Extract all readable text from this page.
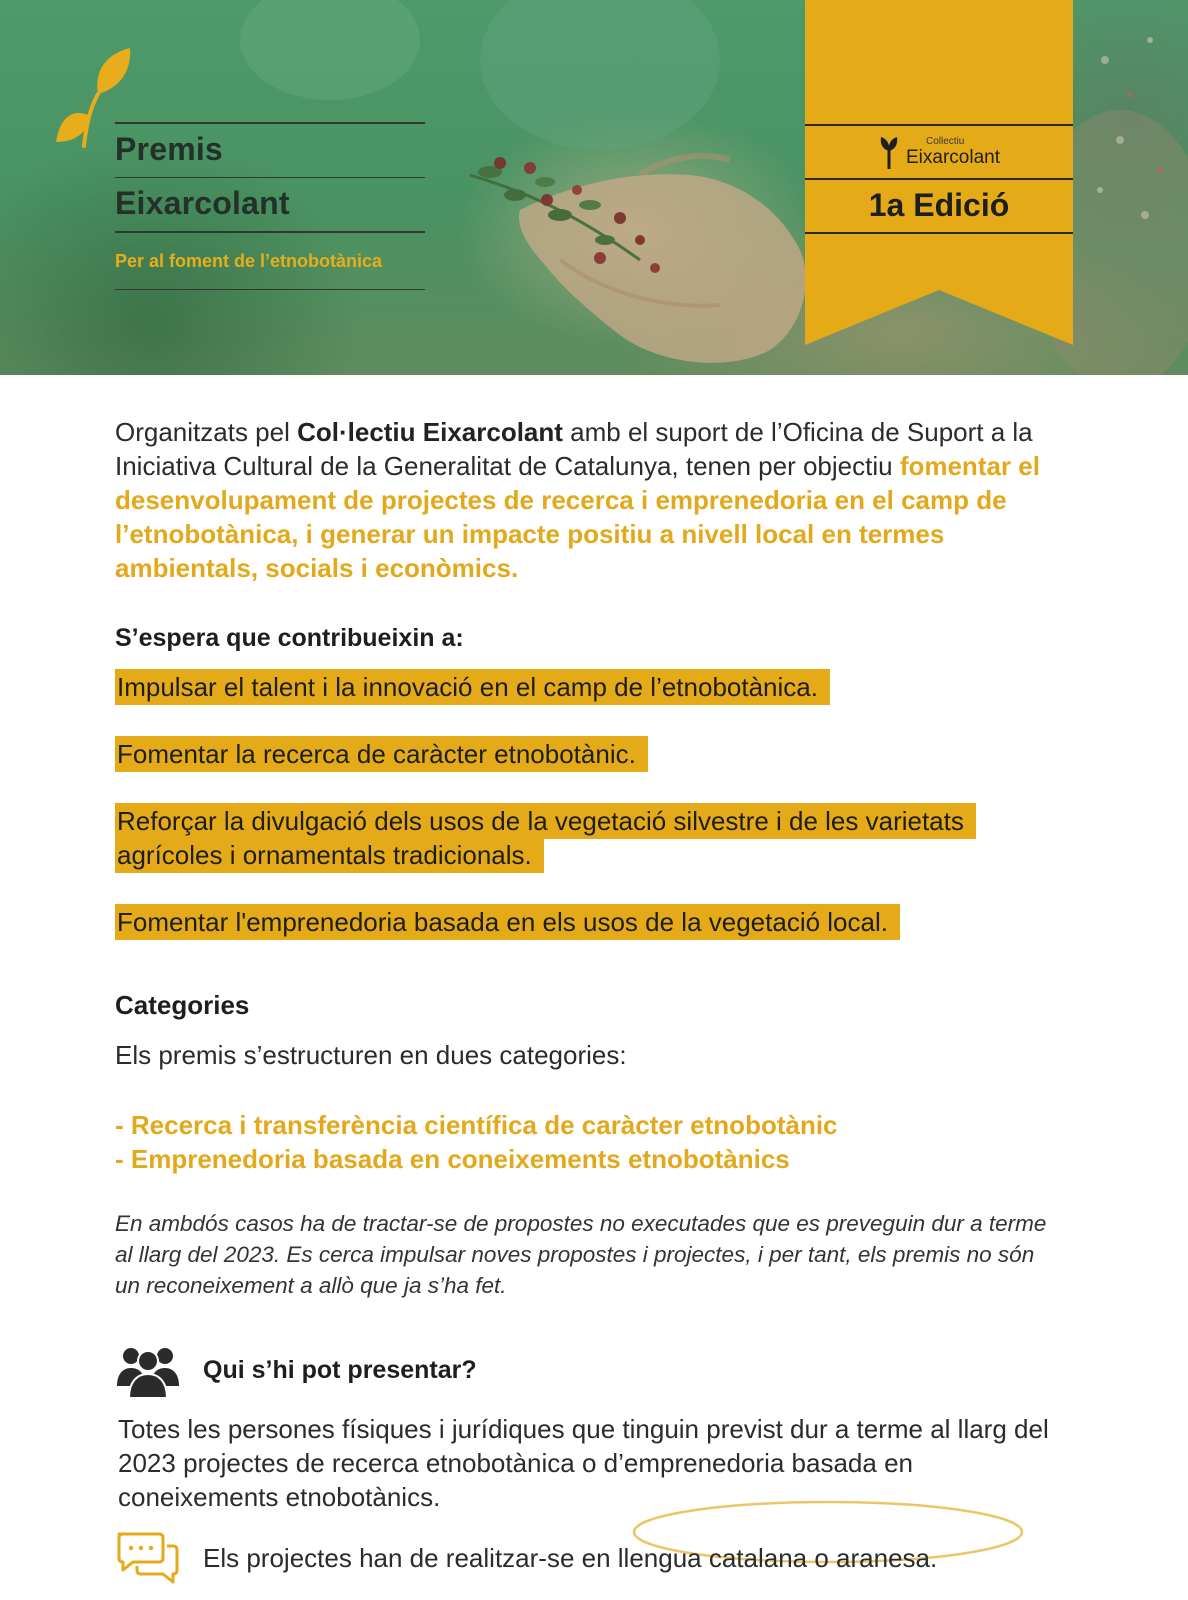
Premis
Eixarcolant
Per al foment de l’etnobotànica
Collectiu
Eixarcolant
1a Edició

Organitzats pel Col·lectiu Eixarcolant amb el suport de l’Oficina de Suport a la Iniciativa Cultural de la Generalitat de Catalunya, tenen per objectiu fomentar el desenvolupament de projectes de recerca i emprenedoria en el camp de l’etnobotànica, i generar un impacte positiu a nivell local en termes ambientals, socials i econòmics.

S’espera que contribueixin a:
Impulsar el talent i la innovació en el camp de l’etnobotànica.
Fomentar la recerca de caràcter etnobotànic.
Reforçar la divulgació dels usos de la vegetació silvestre i de les varietats agrícoles i ornamentals tradicionals.
Fomentar l'emprenedoria basada en els usos de la vegetació local.
Categories

Els premis s’estructuren en dues categories:

- Recerca i transferència científica de caràcter etnobotànic
- Emprenedoria basada en coneixements etnobotànics

En ambdós casos ha de tractar-se de propostes no executades que es preveguin dur a terme al llarg del 2023. Es cerca impulsar noves propostes i projectes, i per tant, els premis no són un reconeixement a allò que ja s’ha fet.

Qui s’hi pot presentar?

Totes les persones físiques i jurídiques que tinguin previst dur a terme al llarg del 2023 projectes de recerca etnobotànica o d’emprenedoria basada en coneixements etnobotànics.

Els projectes han de realitzar-se en llengua catalana o aranesa.
